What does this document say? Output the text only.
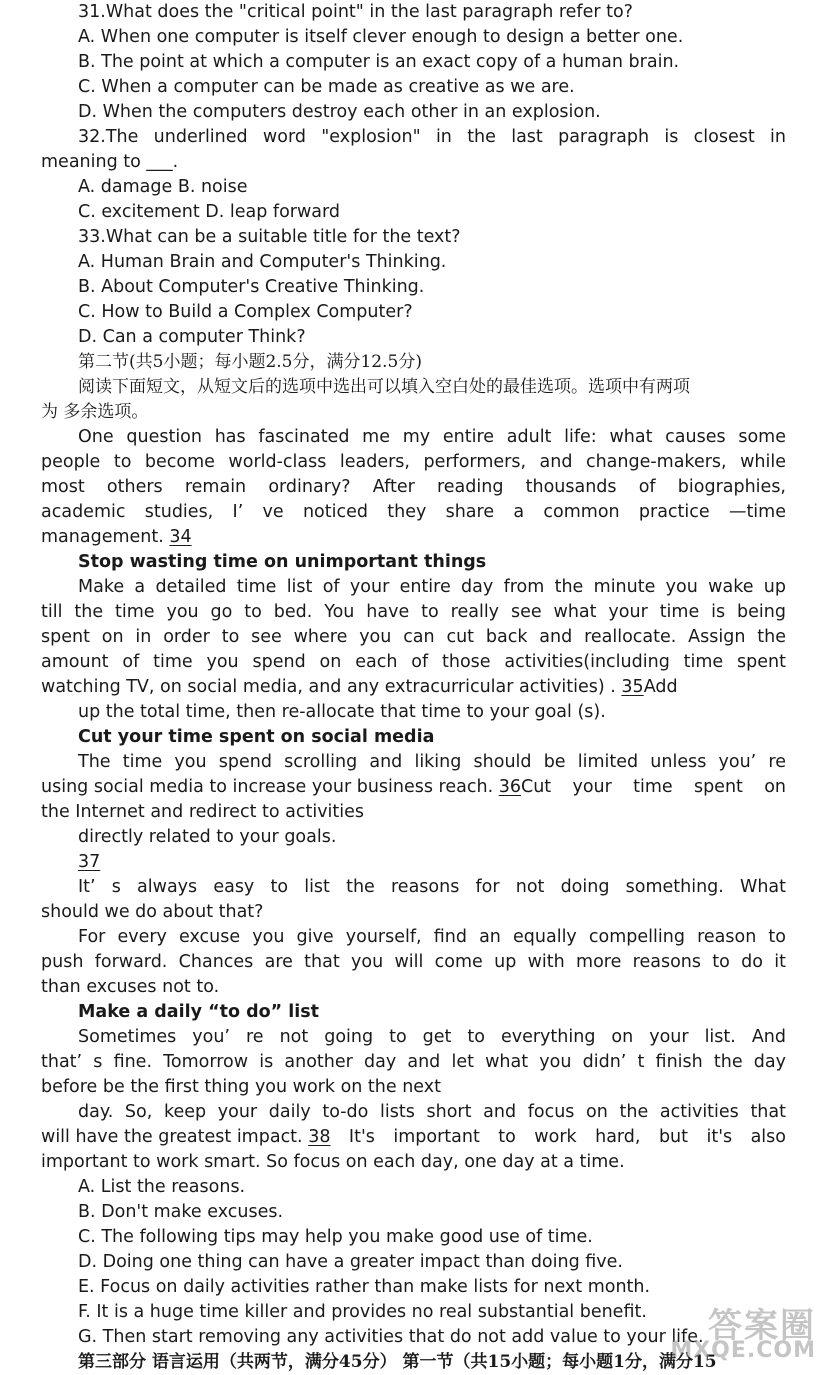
31.What does the "critical point" in the last paragraph refer to?
A. When one computer is itself clever enough to design a better one.
B. The point at which a computer is an exact copy of a human brain.
C. When a computer can be made as creative as we are.
D. When the computers destroy each other in an explosion.
32.The underlined word "explosion" in the last paragraph is closest in
meaning to ___.
A. damage B. noise
C. excitement D. leap forward
33.What can be a suitable title for the text?
A. Human Brain and Computer's Thinking.
B. About Computer's Creative Thinking.
C. How to Build a Complex Computer?
D. Can a computer Think?
第二节(共5小题；每小题2.5分，满分12.5分)
阅读下面短文，从短文后的选项中选出可以填入空白处的最佳选项。选项中有两项
为 多余选项。
One question has fascinated me my entire adult life: what causes some
people to become world-class leaders, performers, and change-makers, while
most others remain ordinary? After reading thousands of biographies,
academic studies, I’ ve noticed they share a common practice —time
management. 34
Stop wasting time on unimportant things
Make a detailed time list of your entire day from the minute you wake up
till the time you go to bed. You have to really see what your time is being
spent on in order to see where you can cut back and reallocate. Assign the
amount of time you spend on each of those activities(including time spent
watching TV, on social media, and any extracurricular activities) . 35Add
up the total time, then re-allocate that time to your goal (s).
Cut your time spent on social media
The time you spend scrolling and liking should be limited unless you’ re
using social media to increase your business reach. 36 Cut your time spent on
the Internet and redirect to activities
directly related to your goals.
37
It’ s always easy to list the reasons for not doing something. What
should we do about that?
For every excuse you give yourself, find an equally compelling reason to
push forward. Chances are that you will come up with more reasons to do it
than excuses not to.
Make a daily “to do” list
Sometimes you’ re not going to get to everything on your list. And
that’ s fine. Tomorrow is another day and let what you didn’ t finish the day
before be the first thing you work on the next
day. So, keep your daily to-do lists short and focus on the activities that
will have the greatest impact. 38 It's important to work hard, but it's also
important to work smart. So focus on each day, one day at a time.
A. List the reasons.
B. Don't make excuses.
C. The following tips may help you make good use of time.
D. Doing one thing can have a greater impact than doing five.
E. Focus on daily activities rather than make lists for next month.
F. It is a huge time killer and provides no real substantial benefit.
G. Then start removing any activities that do not add value to your life.
第三部分 语言运用（共两节，满分45分） 第一节（共15小题；每小题1分，满分15
答案圈
MXQE.COM
